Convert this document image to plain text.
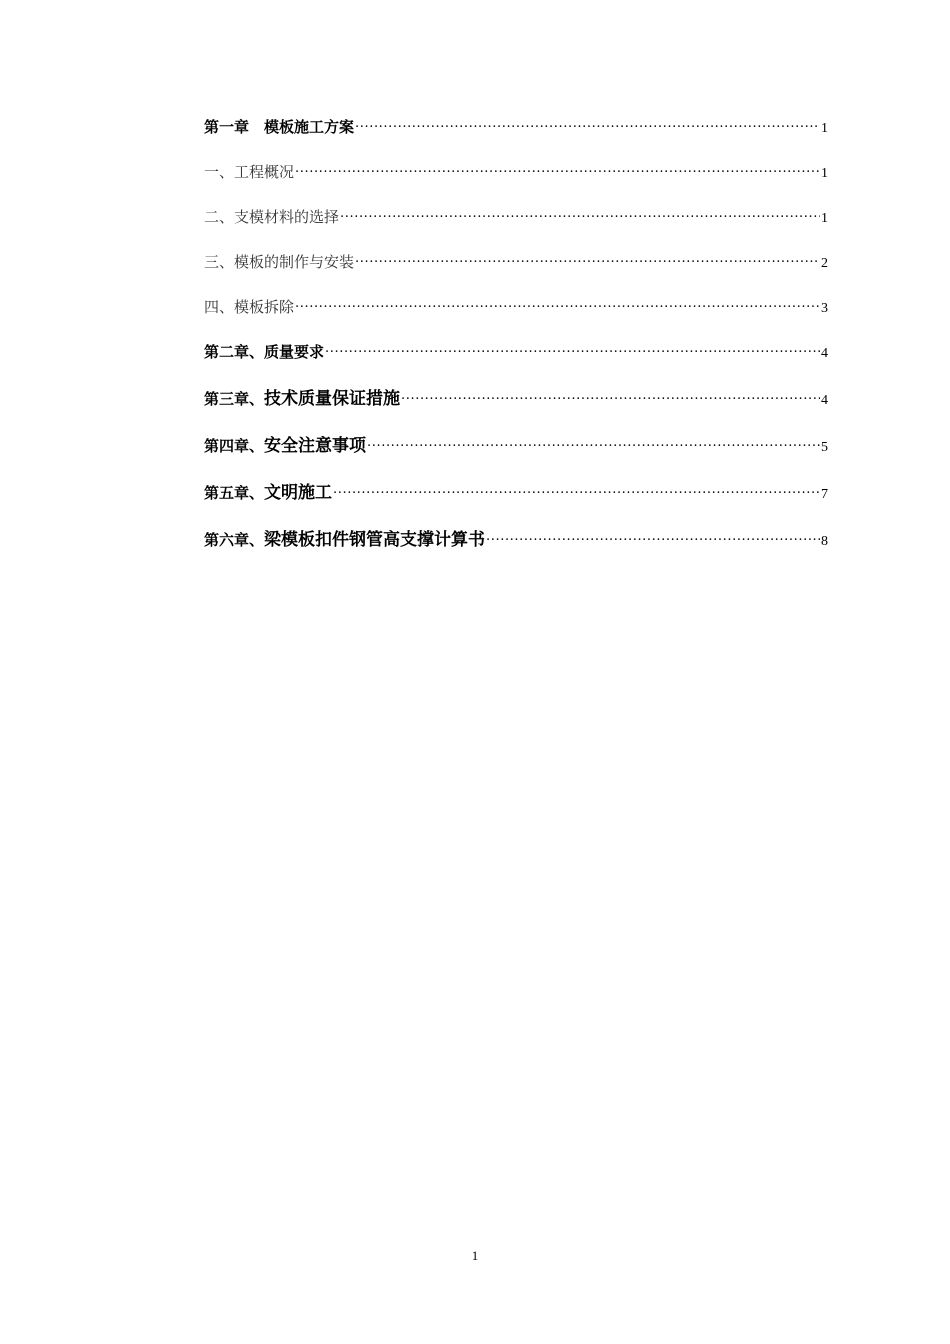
第一章　模板施工方案 .....	1
一、工程概况 .....	1
二、支模材料的选择 .....	1
三、模板的制作与安装 .....	2
四、模板拆除 .....	3
第二章、质量要求 .....	4
第三章、技术质量保证措施 .....	4
第四章、安全注意事项 .....	5
第五章、文明施工 .....	7
第六章、梁模板扣件钢管高支撑计算书 .....	8
1
